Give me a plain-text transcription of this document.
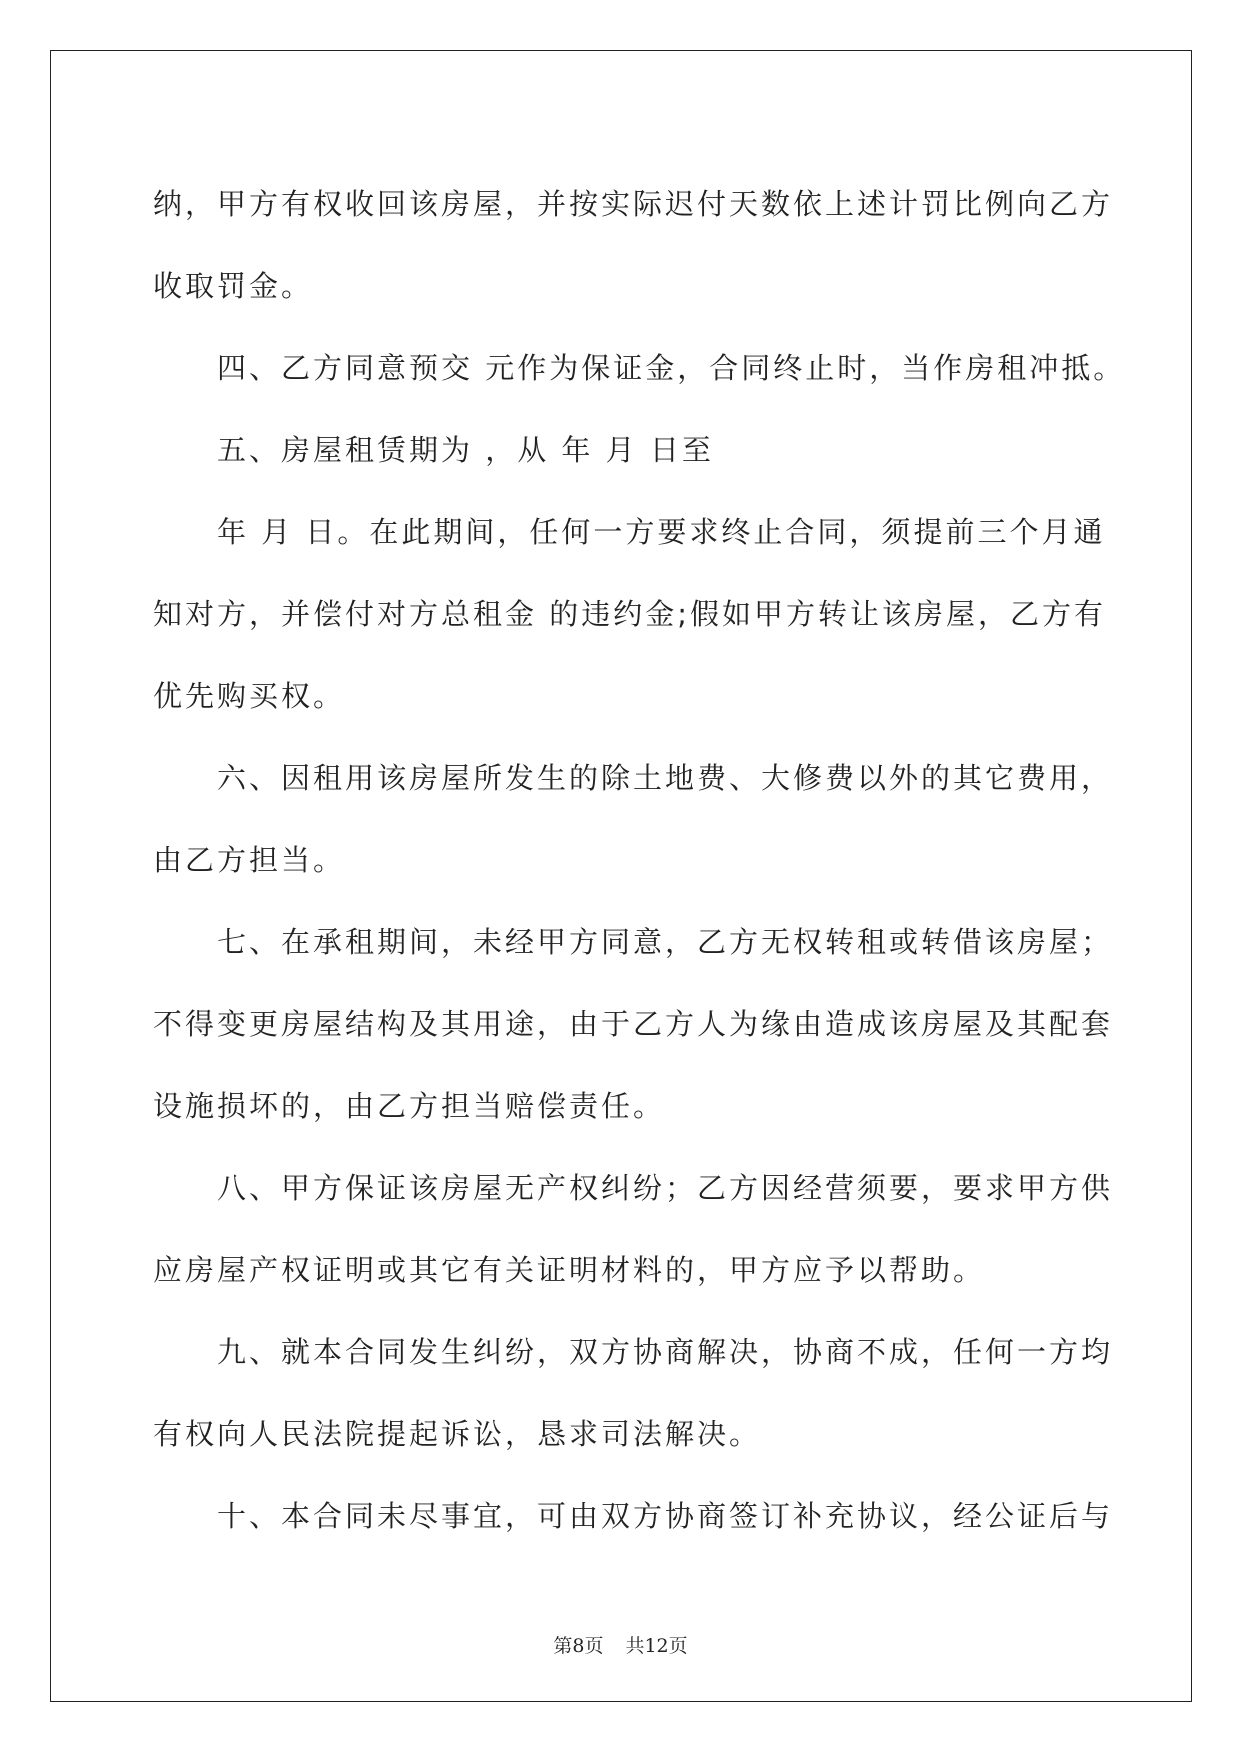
纳，甲方有权收回该房屋，并按实际迟付天数依上述计罚比例向乙方
收取罚金。
四、乙方同意预交 元作为保证金，合同终止时，当作房租冲抵。
五、房屋租赁期为 ，从 年 月 日至
年 月 日。在此期间，任何一方要求终止合同，须提前三个月通
知对方，并偿付对方总租金 的违约金;假如甲方转让该房屋，乙方有
优先购买权。
六、因租用该房屋所发生的除土地费、大修费以外的其它费用，
由乙方担当。
七、在承租期间，未经甲方同意，乙方无权转租或转借该房屋；
不得变更房屋结构及其用途，由于乙方人为缘由造成该房屋及其配套
设施损坏的，由乙方担当赔偿责任。
八、甲方保证该房屋无产权纠纷；乙方因经营须要，要求甲方供
应房屋产权证明或其它有关证明材料的，甲方应予以帮助。
九、就本合同发生纠纷，双方协商解决，协商不成，任何一方均
有权向人民法院提起诉讼，恳求司法解决。
十、本合同未尽事宜，可由双方协商签订补充协议，经公证后与
第8页 共12页
